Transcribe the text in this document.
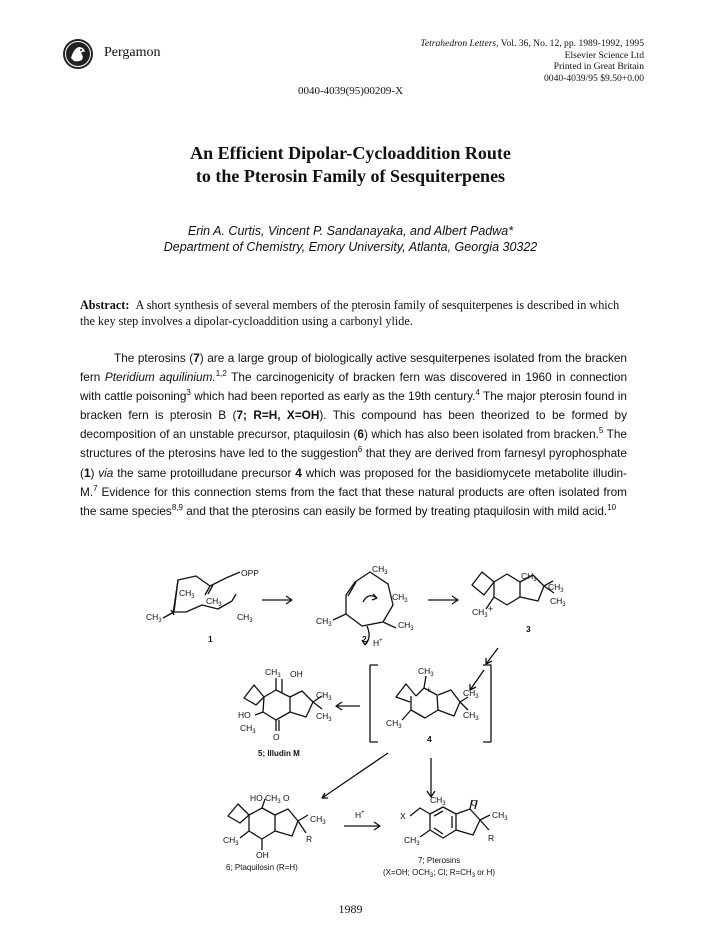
Pergamon
Tetrahedron Letters, Vol. 36, No. 12, pp. 1989-1992, 1995
Elsevier Science Ltd
Printed in Great Britain
0040-4039/95 $9.50+0.00
0040-4039(95)00209-X
An Efficient Dipolar-Cycloaddition Route
to the Pterosin Family of Sesquiterpenes
Erin A. Curtis, Vincent P. Sandanayaka, and Albert Padwa*
Department of Chemistry, Emory University, Atlanta, Georgia 30322
Abstract: A short synthesis of several members of the pterosin family of sesquiterpenes is described in which the key step involves a dipolar-cycloaddition using a carbonyl ylide.
The pterosins (7) are a large group of biologically active sesquiterpenes isolated from the bracken fern Pteridium aquilinium.$^{1,2}$ The carcinogenicity of bracken fern was discovered in 1960 in connection with cattle poisoning$^3$ which had been reported as early as the 19th century.$^4$ The major pterosin found in bracken fern is pterosin B (7; R=H, X=OH). This compound has been theorized to be formed by decomposition of an unstable precursor, ptaquilosin (6) which has also been isolated from bracken.$^5$ The structures of the pterosins have led to the suggestion$^6$ that they are derived from farnesyl pyrophosphate (1) via the same protoilludane precursor 4 which was proposed for the basidiomycete metabolite illudin-M.$^7$ Evidence for this connection stems from the fact that these natural products are often isolated from the same species$^{8,9}$ and that the pterosins can easily be formed by treating ptaquilosin with mild acid.$^{10}$
OPP
$CH_3$ $CH_3$
$CH_3$	$CH_3$
1
$CH_3$
$CH_3$
$CH_3$	$CH_3$
2 H+
$CH_3$
$CH_3$
$CH_3$
$CH_3$
+
3
$CH_3$
+	$CH_3$
$CH_3$
$CH_3$
4
$CH_3$ OH
$CH_3$
$CH_3$
HO
$CH_3$ O
5; Illudin M
HO $CH_3$ O
$CH_3$
R
$CH_3$
OH
6; Ptaquilosin (R=H)
H+
$CH_3$	O
X	$CH_3$
R
$CH_3$
7; Pterosins
(X=OH; $OCH_3$; Cl; $R=CH_3$ or H)
1989
